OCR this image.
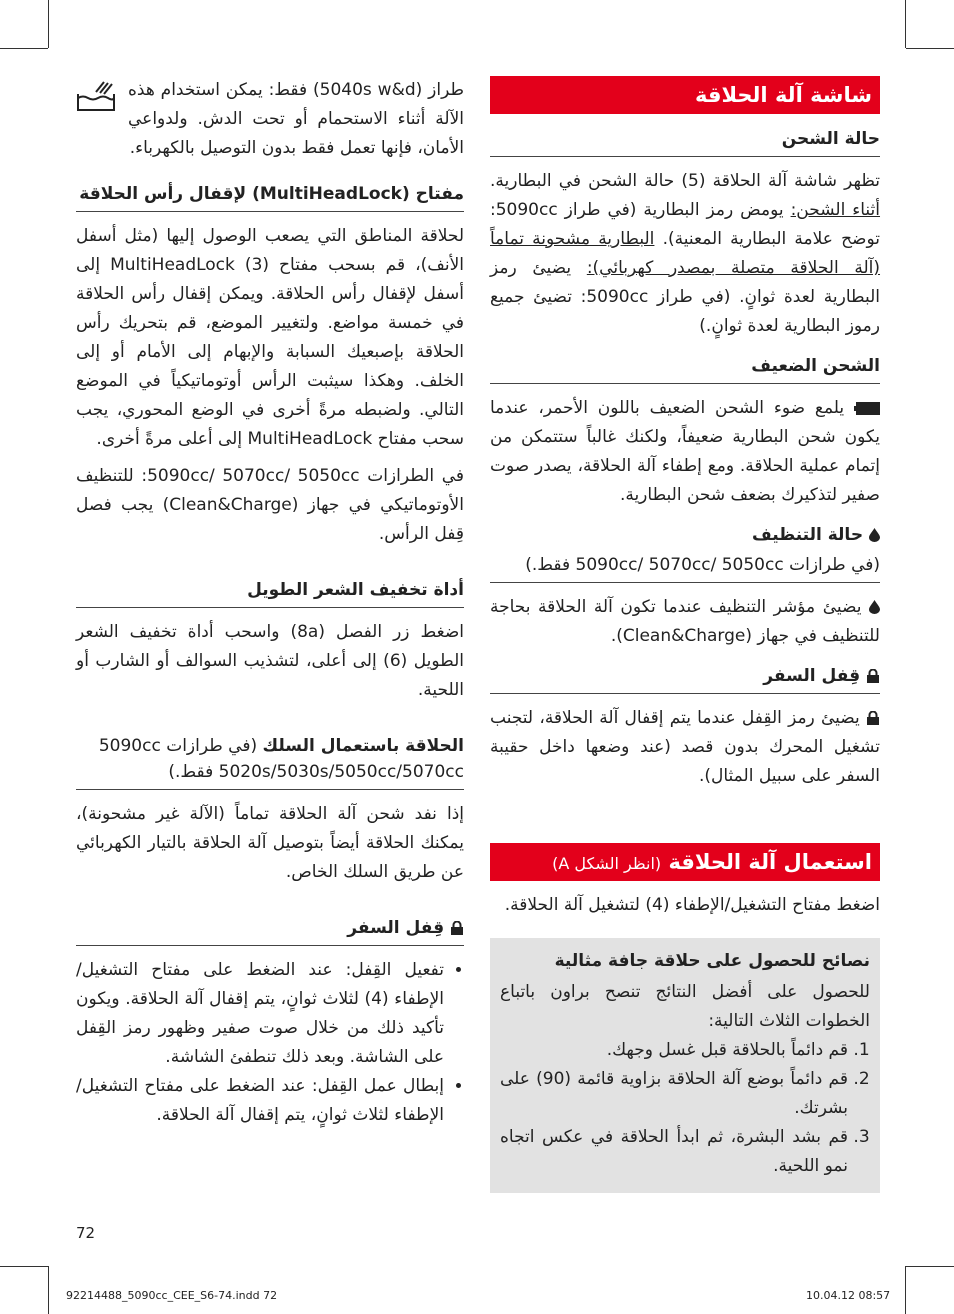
شاشة آلة الحلاقة
حالة الشحن

تظهر شاشة آلة الحلاقة (5) حالة الشحن في البطارية. أثناء الشحن: يومض رمز البطارية (في طراز 5090cc: توضح علامة البطارية المعنية). البطارية مشحونة تماماً (آلة الحلاقة متصلة بمصدر كهربائي): يضيئ رمز البطارية لعدة ثوانٍ. (في طراز 5090cc: تضيئ جميع رموز البطارية لعدة ثوانٍ.)

الشحن الضعيف

يلمع ضوء الشحن الضعيف باللون الأحمر، عندما يكون شحن البطارية ضعيفاً، ولكنك غالباً ستتمكن من إتمام عملية الحلاقة. ومع إطفاء آلة الحلاقة، يصدر صوت صفير لتذكيرك بضعف شحن البطارية.

حالة التنظيف
(في طرازات 5090cc/ 5070cc/ 5050cc فقط.)

يضيئ مؤشر التنظيف عندما تكون آلة الحلاقة بحاجة للتنظيف في جهاز (Clean&Charge).

قِفل السفر

يضيئ رمز القِفل عندما يتم إقفال آلة الحلاقة، لتجنب تشغيل المحرك بدون قصد (عند وضعها داخل حقيبة السفر على سبيل المثال).

استعمال آلة الحلاقة (انظر الشكل A)

اضغط مفتاح التشغيل/الإطفاء (4) لتشغيل آلة الحلاقة.

نصائح للحصول على حلاقة جافة مثالية

للحصول على أفضل النتائج تنصح براون باتباع الخطوات الثلاث التالية:

1. قم دائماً بالحلاقة قبل غسل وجهك.
2. قم دائماً بوضع آلة الحلاقة بزاوية قائمة (90) على بشرتك.
3. قم بشد البشرة، ثم ابدأ الحلاقة في عكس اتجاه نمو اللحية.

طراز (5040s w&d) فقط: يمكن استخدام هذه الآلة أثناء الاستحمام أو تحت الدش. ولدواعي الأمان، فإنها تعمل فقط بدون التوصيل بالكهرباء.

مفتاح (MultiHeadLock) لإقفال رأس الحلاقة

لحلاقة المناطق التي يصعب الوصول إليها (مثل أسفل الأنف)، قم بسحب مفتاح (3) MultiHeadLock إلى أسفل لإقفال رأس الحلاقة. ويمكن إقفال رأس الحلاقة في خمسة مواضع. ولتغيير الموضع، قم بتحريك رأس الحلاقة بإصبعيك السبابة والإبهام إلى الأمام أو إلى الخلف. وهكذا سيثبت الرأس أوتوماتيكياً في الموضع التالي. ولضبطه مرةً أخرى في الوضع المحوري، يجب سحب مفتاح MultiHeadLock إلى أعلى مرةً أخرى.

في الطرازات 5090cc/ 5070cc/ 5050cc: للتنظيف الأوتوماتيكي في جهاز (Clean&Charge) يجب فصل قِفل الرأس.

أداة تخفيف الشعر الطويل

اضغط زر الفصل (8a) واسحب أداة تخفيف الشعر الطويل (6) إلى أعلى، لتشذيب السوالف أو الشارب أو اللحية.

الحلاقة باستعمال السلك (في طرازات 5090cc 5020s/5030s/5050cc/5070cc فقط.)

إذا نفد شحن آلة الحلاقة تماماً (الآلة غير مشحونة)، يمكنك الحلاقة أيضاً بتوصيل آلة الحلاقة بالتيار الكهربائي عن طريق السلك الخاص.

قِفل السفر
• تفعيل القِفل: عند الضغط على مفتاح التشغيل/الإطفاء (4) لثلاث ثوانٍ، يتم إقفال آلة الحلاقة. ويكون تأكيد ذلك من خلال صوت صفير وظهور رمز القِفل على الشاشة. وبعد ذلك تنطفئ الشاشة.
• إبطال عمل القِفل: عند الضغط على مفتاح التشغيل/الإطفاء لثلاث ثوانٍ، يتم إقفال آلة الحلاقة.
72
92214488_5090cc_CEE_S6-74.indd 72	10.04.12 08:57
